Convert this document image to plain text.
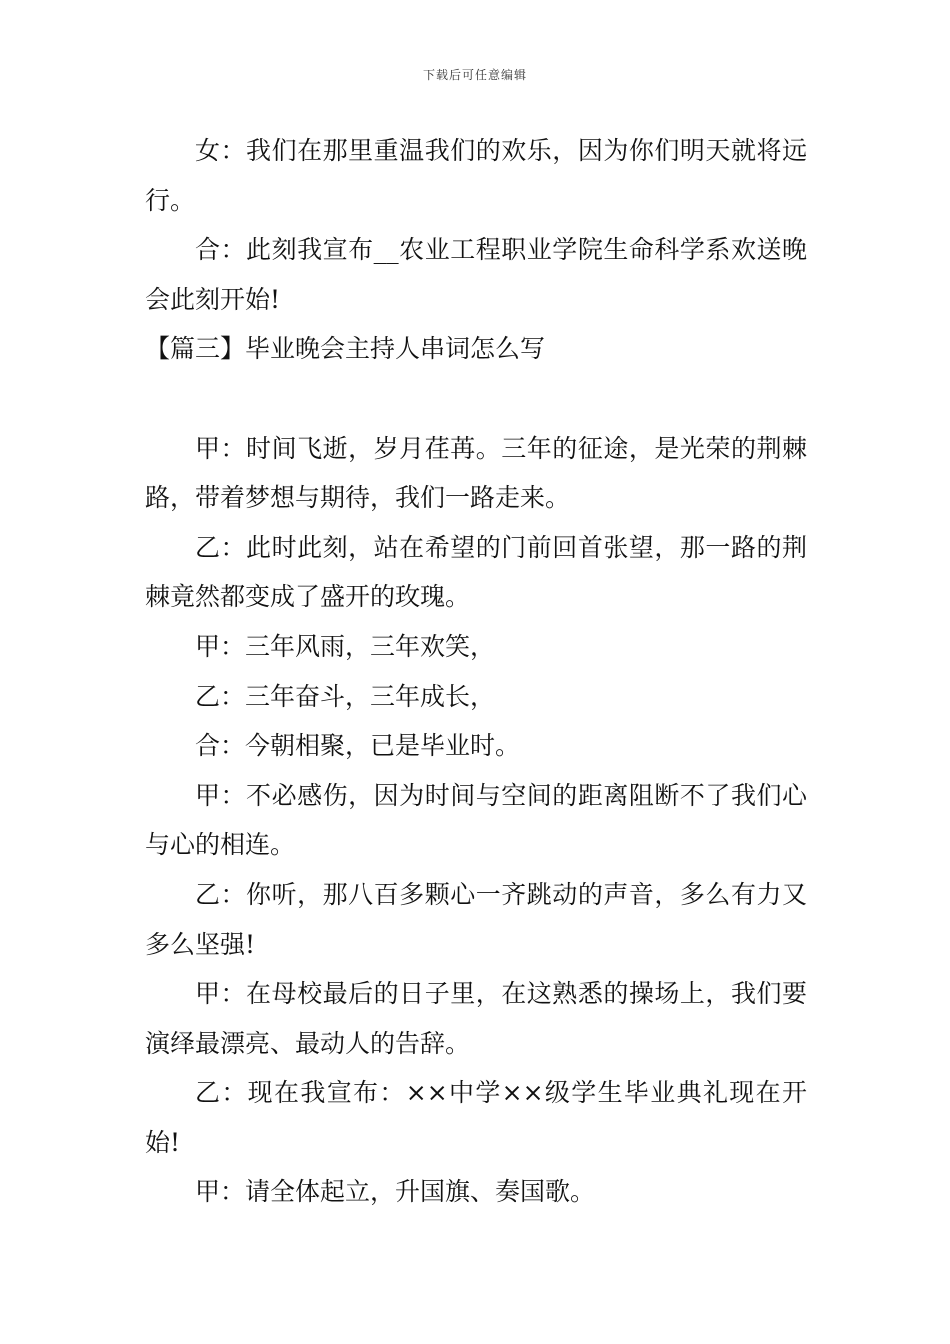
下载后可任意编辑

女：我们在那里重温我们的欢乐，因为你们明天就将远行。

合：此刻我宣布__农业工程职业学院生命科学系欢送晚会此刻开始!

【篇三】毕业晚会主持人串词怎么写

甲：时间飞逝，岁月荏苒。三年的征途，是光荣的荆棘路，带着梦想与期待，我们一路走来。

乙：此时此刻，站在希望的门前回首张望，那一路的荆棘竟然都变成了盛开的玫瑰。

甲：三年风雨，三年欢笑，

乙：三年奋斗，三年成长，

合：今朝相聚，已是毕业时。

甲：不必感伤，因为时间与空间的距离阻断不了我们心与心的相连。

乙：你听，那八百多颗心一齐跳动的声音，多么有力又多么坚强!

甲：在母校最后的日子里，在这熟悉的操场上，我们要演绎最漂亮、最动人的告辞。

乙：现在我宣布：××中学××级学生毕业典礼现在开始!

甲：请全体起立，升国旗、奏国歌。
